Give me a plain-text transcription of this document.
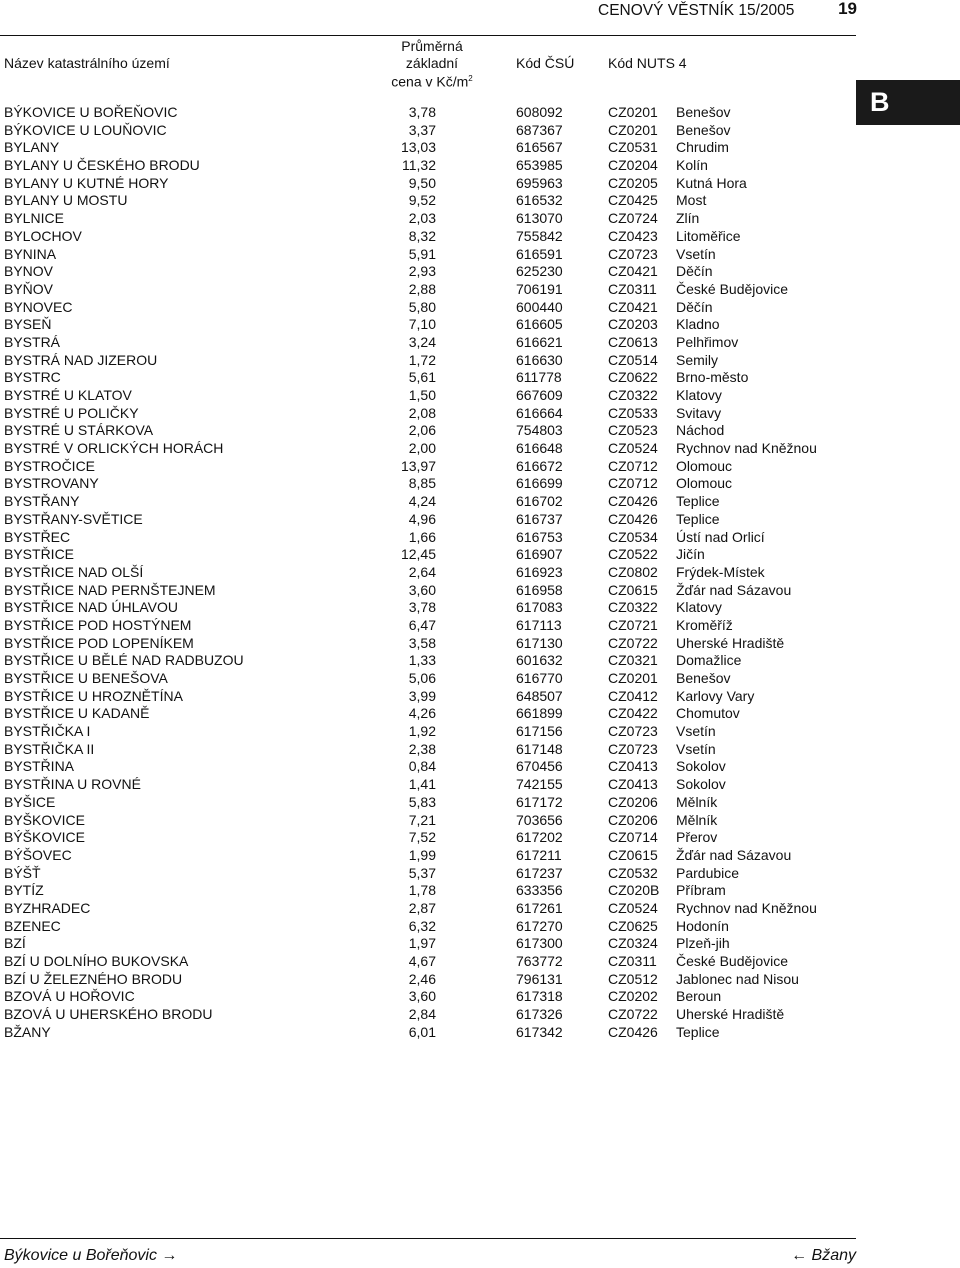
CENOVÝ VĚSTNÍK 15/2005	19
Název katastrálního území
Průměrná
základní
cena v $Kč/m^2$
Kód ČSÚ Kód NUTS 4
B
BÝKOVICE U BOŘEŇOVIC	3,78	608092	CZ0201 Benešov
BÝKOVICE U LOUŇOVIC	3,37	687367	CZ0201 Benešov
BYLANY	13,03	616567	CZ0531 Chrudim
BYLANY U ČESKÉHO BRODU	11,32	653985	CZ0204 Kolín
BYLANY U KUTNÉ HORY	9,50	695963	CZ0205 Kutná Hora
BYLANY U MOSTU	9,52	616532	CZ0425 Most
BYLNICE	2,03	613070	CZ0724 Zlín
BYLOCHOV	8,32	755842	CZ0423 Litoměřice
BYNINA	5,91	616591	CZ0723 Vsetín
BYNOV	2,93	625230	CZ0421 Děčín
BYŇOV	2,88	706191	CZ0311 České Budějovice
BYNOVEC	5,80	600440	CZ0421 Děčín
BYSEŇ	7,10	616605	CZ0203 Kladno
BYSTRÁ	3,24	616621	CZ0613 Pelhřimov
BYSTRÁ NAD JIZEROU	1,72	616630	CZ0514 Semily
BYSTRC	5,61	611778	CZ0622 Brno-město
BYSTRÉ U KLATOV	1,50	667609	CZ0322 Klatovy
BYSTRÉ U POLIČKY	2,08	616664	CZ0533 Svitavy
BYSTRÉ U STÁRKOVA	2,06	754803	CZ0523 Náchod
BYSTRÉ V ORLICKÝCH HORÁCH	2,00	616648	CZ0524 Rychnov nad Kněžnou
BYSTROČICE	13,97	616672	CZ0712 Olomouc
BYSTROVANY	8,85	616699	CZ0712 Olomouc
BYSTŘANY	4,24	616702	CZ0426 Teplice
BYSTŘANY-SVĚTICE	4,96	616737	CZ0426 Teplice
BYSTŘEC	1,66	616753	CZ0534 Ústí nad Orlicí
BYSTŘICE	12,45	616907	CZ0522 Jičín
BYSTŘICE NAD OLŠÍ	2,64	616923	CZ0802 Frýdek-Místek
BYSTŘICE NAD PERNŠTEJNEM	3,60	616958	CZ0615 Žďár nad Sázavou
BYSTŘICE NAD ÚHLAVOU	3,78	617083	CZ0322 Klatovy
BYSTŘICE POD HOSTÝNEM	6,47	617113	CZ0721 Kroměříž
BYSTŘICE POD LOPENÍKEM	3,58	617130	CZ0722 Uherské Hradiště
BYSTŘICE U BĚLÉ NAD RADBUZOU	1,33	601632	CZ0321 Domažlice
BYSTŘICE U BENEŠOVA	5,06	616770	CZ0201 Benešov
BYSTŘICE U HROZNĚTÍNA	3,99	648507	CZ0412 Karlovy Vary
BYSTŘICE U KADANĚ	4,26	661899	CZ0422 Chomutov
BYSTŘIČKA I	1,92	617156	CZ0723 Vsetín
BYSTŘIČKA II	2,38	617148	CZ0723 Vsetín
BYSTŘINA	0,84	670456	CZ0413 Sokolov
BYSTŘINA U ROVNÉ	1,41	742155	CZ0413 Sokolov
BYŠICE	5,83	617172	CZ0206 Mělník
BYŠKOVICE	7,21	703656	CZ0206 Mělník
BÝŠKOVICE	7,52	617202	CZ0714 Přerov
BÝŠOVEC	1,99	617211	CZ0615 Žďár nad Sázavou
BÝŠŤ	5,37	617237	CZ0532 Pardubice
BYTÍZ	1,78	633356	CZ020B Příbram
BYZHRADEC	2,87	617261	CZ0524 Rychnov nad Kněžnou
BZENEC	6,32	617270	CZ0625 Hodonín
BZÍ	1,97	617300	CZ0324 Plzeň-jih
BZÍ U DOLNÍHO BUKOVSKA	4,67	763772	CZ0311 České Budějovice
BZÍ U ŽELEZNÉHO BRODU	2,46	796131	CZ0512 Jablonec nad Nisou
BZOVÁ U HOŘOVIC	3,60	617318	CZ0202 Beroun
BZOVÁ U UHERSKÉHO BRODU	2,84	617326	CZ0722 Uherské Hradiště
BŽANY	6,01	617342	CZ0426 Teplice
Býkovice u Bořeňovic →	← Bžany
